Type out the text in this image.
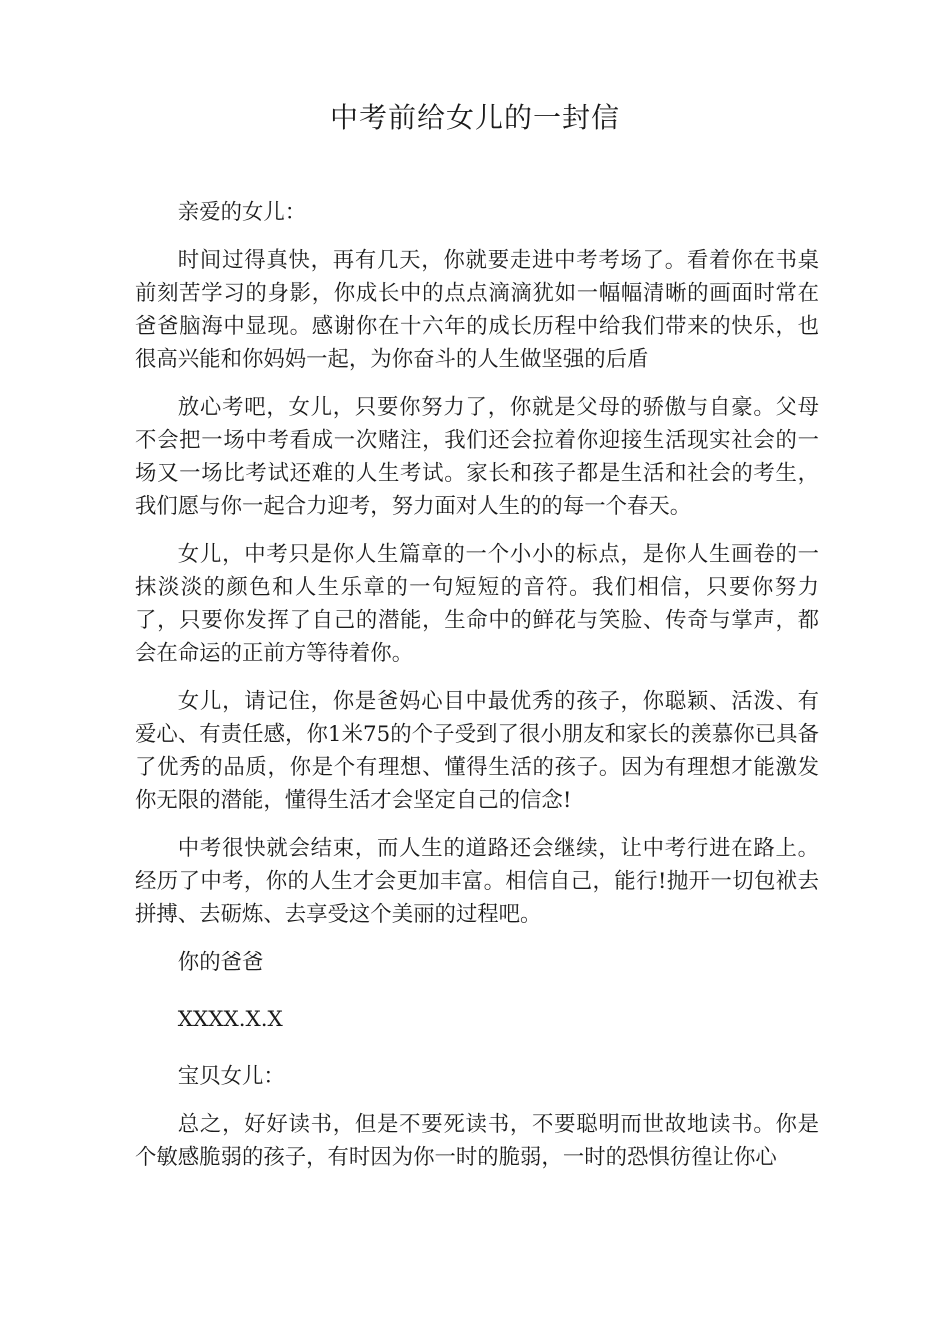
中考前给女儿的一封信

亲爱的女儿：

时间过得真快，再有几天，你就要走进中考考场了。看着你在书桌前刻苦学习的身影，你成长中的点点滴滴犹如一幅幅清晰的画面时常在爸爸脑海中显现。感谢你在十六年的成长历程中给我们带来的快乐，也很高兴能和你妈妈一起，为你奋斗的人生做坚强的后盾

放心考吧，女儿，只要你努力了，你就是父母的骄傲与自豪。父母不会把一场中考看成一次赌注，我们还会拉着你迎接生活现实社会的一场又一场比考试还难的人生考试。家长和孩子都是生活和社会的考生，我们愿与你一起合力迎考，努力面对人生的的每一个春天。

女儿，中考只是你人生篇章的一个小小的标点，是你人生画卷的一抹淡淡的颜色和人生乐章的一句短短的音符。我们相信，只要你努力了，只要你发挥了自己的潜能，生命中的鲜花与笑脸、传奇与掌声，都会在命运的正前方等待着你。

女儿，请记住，你是爸妈心目中最优秀的孩子，你聪颖、活泼、有爱心、有责任感，你1米75的个子受到了很小朋友和家长的羡慕你已具备了优秀的品质，你是个有理想、懂得生活的孩子。因为有理想才能激发你无限的潜能，懂得生活才会坚定自己的信念!

中考很快就会结束，而人生的道路还会继续，让中考行进在路上。经历了中考，你的人生才会更加丰富。相信自己，能行!抛开一切包袱去拼搏、去砺炼、去享受这个美丽的过程吧。

你的爸爸

XXXX.X.X

宝贝女儿：

总之，好好读书，但是不要死读书，不要聪明而世故地读书。你是个敏感脆弱的孩子，有时因为你一时的脆弱，一时的恐惧彷徨让你心
